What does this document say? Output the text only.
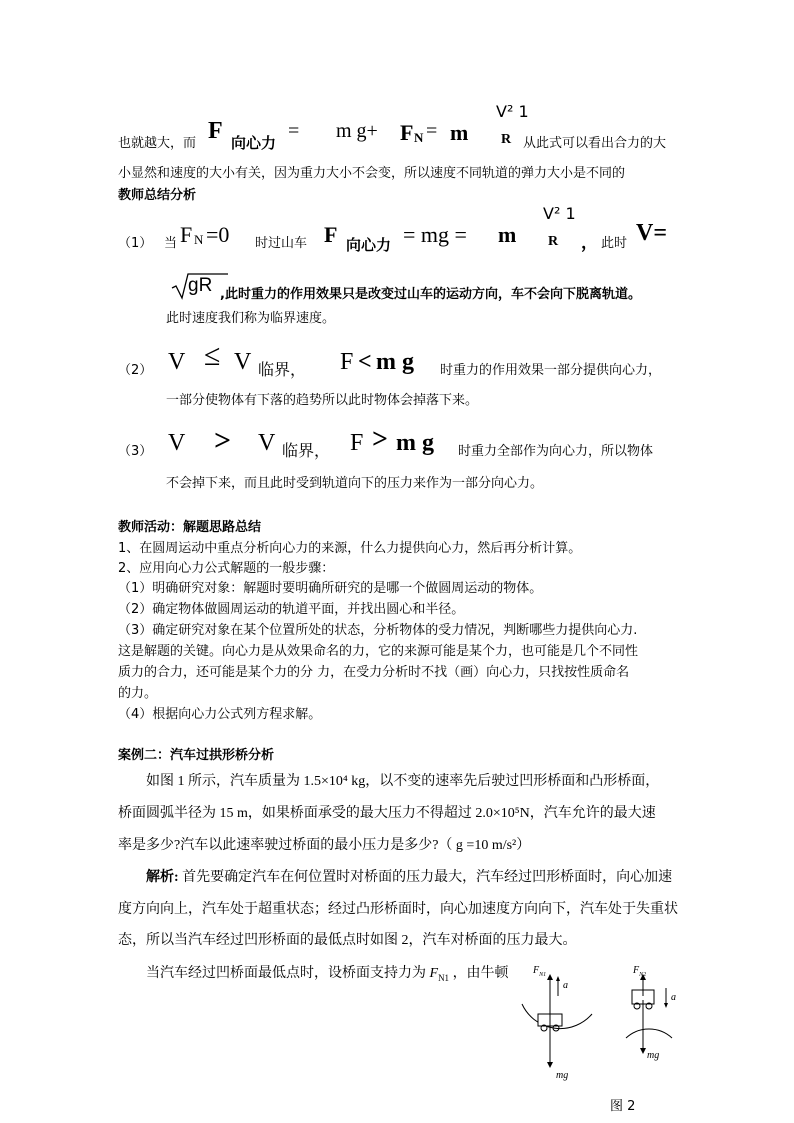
也就越大，而 F 向心力
= m g+ F N = m
V² 1
R 从此式可以看出合力的大
小显然和速度的大小有关，因为重力大小不会变，所以速度不同轨道的弹力大小是不同的
教师总结分析
（1） 当 F N =0 时过山车 F 向心力 = mg = m
V² 1
R ， 此时 V=
gR ,此时重力的作用效果只是改变过山车的运动方向，车不会向下脱离轨道。
此时速度我们称为临界速度。
（2） V ≤ V 临界， F < m g 时重力的作用效果一部分提供向心力，
一部分使物体有下落的趋势所以此时物体会掉落下来。
（3） V > V 临界， F > m g 时重力全部作为向心力，所以物体
不会掉下来，而且此时受到轨道向下的压力来作为一部分向心力。
教师活动：解题思路总结
1、在圆周运动中重点分析向心力的来源，什么力提供向心力，然后再分析计算。
2、应用向心力公式解题的一般步骤：
（1）明确研究对象：解题时要明确所研究的是哪一个做圆周运动的物体。
（2）确定物体做圆周运动的轨道平面，并找出圆心和半径。
（3）确定研究对象在某个位置所处的状态，分析物体的受力情况，判断哪些力提供向心力.
这是解题的关键。向心力是从效果命名的力，它的来源可能是某个力，也可能是几个不同性
质力的合力，还可能是某个力的分 力，在受力分析时不找（画）向心力，只找按性质命名
的力。
（4）根据向心力公式列方程求解。
案例二：汽车过拱形桥分析
如图 1 所示，汽车质量为 1.5×10⁴ kg，以不变的速率先后驶过凹形桥面和凸形桥面，
桥面圆弧半径为 15 m，如果桥面承受的最大压力不得超过 2.0×10⁵N，汽车允许的最大速
率是多少?汽车以此速率驶过桥面的最小压力是多少?（ g =10 m/s²）
解析: 首先要确定汽车在何位置时对桥面的压力最大，汽车经过凹形桥面时，向心加速
度方向向上，汽车处于超重状态；经过凸形桥面时，向心加速度方向向下，汽车处于失重状
态，所以当汽车经过凹形桥面的最低点时如图 2，汽车对桥面的压力最大。
当汽车经过凹桥面最低点时，设桥面支持力为 $F_{N1}$ ，由牛顿 $F_{N1}$
a
mg
$F_{N2}$
a
mg
图 2
